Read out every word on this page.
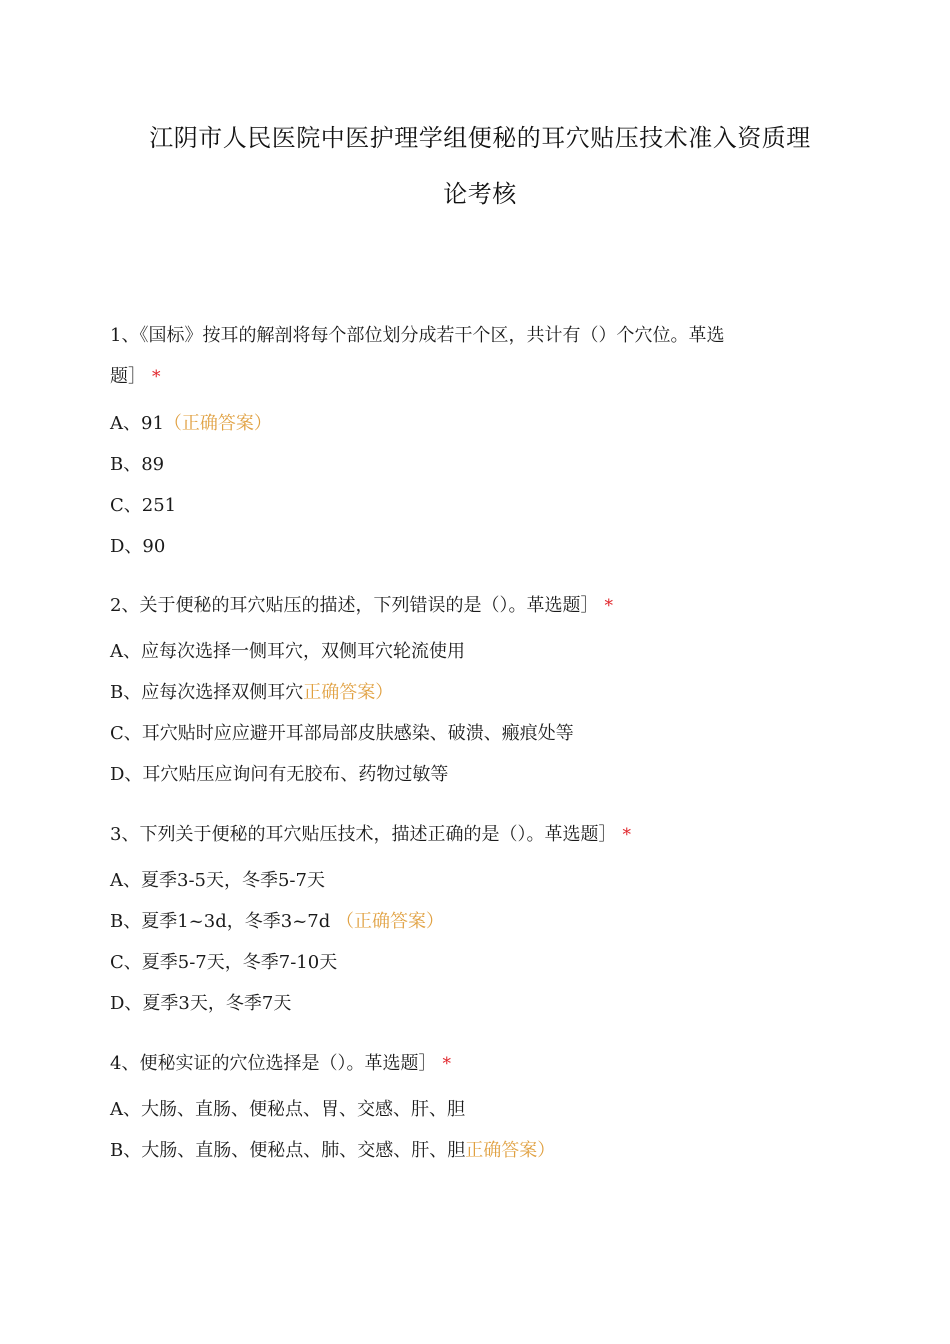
江阴市人民医院中医护理学组便秘的耳穴贴压技术准入资质理
论考核
1、《国标》按耳的解剖将每个部位划分成若干个区，共计有（）个穴位。革选
题］ *
A、91（正确答案）
B、89
C、251
D、90
2、关于便秘的耳穴贴压的描述，下列错误的是（）。革选题］ *
A、应每次选择一侧耳穴，双侧耳穴轮流使用
B、应每次选择双侧耳穴正确答案）
C、耳穴贴时应应避开耳部局部皮肤感染、破溃、瘢痕处等
D、耳穴贴压应询问有无胶布、药物过敏等
3、下列关于便秘的耳穴贴压技术，描述正确的是（）。革选题］ *
A、夏季3-5天，冬季5-7天
B、夏季1~3d，冬季3~7d （正确答案）
C、夏季5-7天，冬季7-10天
D、夏季3天，冬季7天
4、便秘实证的穴位选择是（）。革选题］ *
A、大肠、直肠、便秘点、胃、交感、肝、胆
B、大肠、直肠、便秘点、肺、交感、肝、胆正确答案）
